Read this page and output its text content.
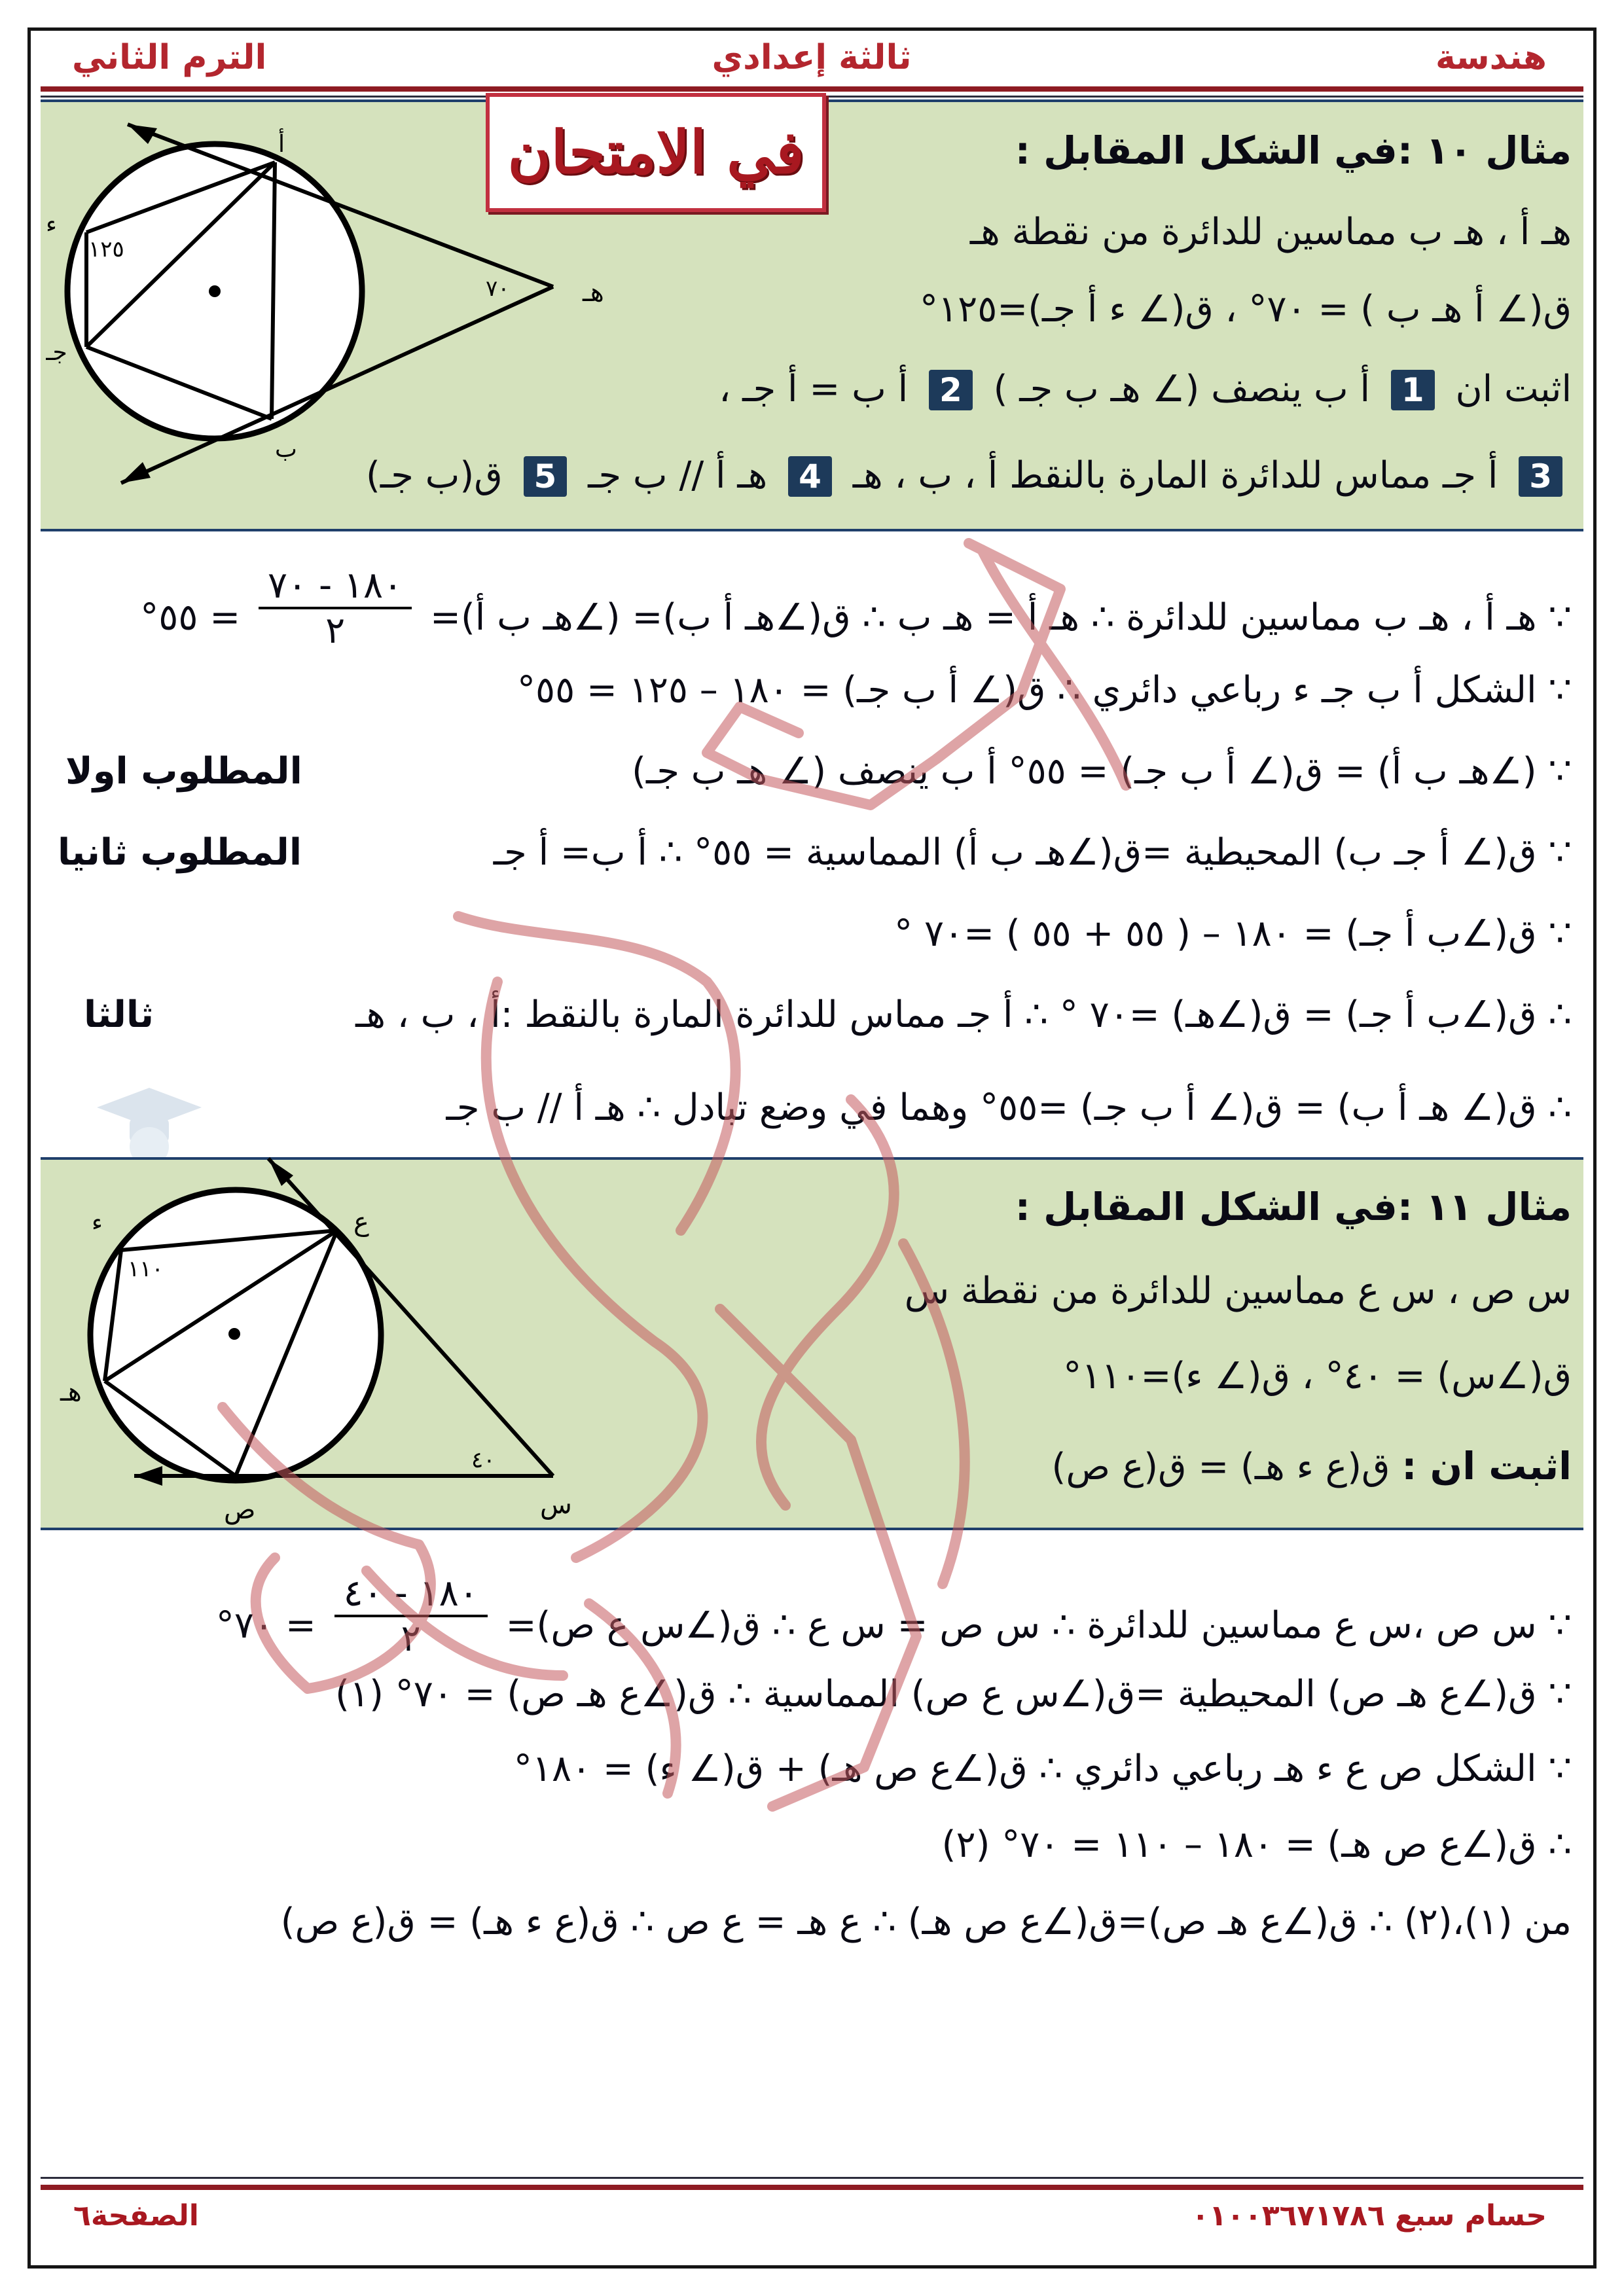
الترم الثاني	ثالثة إعدادي	هندسة
في الامتحان	مثال ١٠ :في الشكل المقابل :
هـ أ ، هـ ب مماسين للدائرة من نقطة هـ
ق(∠ أ هـ ب ) = ٧٠° ، ق(∠ ء أ جـ)=١٢٥°
اثبت ان 1 أ ب ينصف (∠ هـ ب جـ ) 2 أ ب = أ جـ ،
3 أ جـ مماس للدائرة المارة بالنقط أ ، ب ، هـ 4 هـ أ // ب جـ 5 ق(ب جـ)
أ
ب
جـ
ء
هـ
٧٠
١٢٥
∵ هـ أ ، هـ ب مماسين للدائرة ∴ هـ أ = هـ ب ∴ ق(∠هـ أ ب)= (∠هـ ب أ)=
١٨٠ - ٧٠
٢
= ٥٥°
∵ الشكل أ ب جـ ء رباعي دائري ∴ ق(∠ أ ب جـ) = ١٨٠ – ١٢٥ = ٥٥°
∵ (∠هـ ب أ) = ق(∠ أ ب جـ) = ٥٥° أ ب ينصف (∠ هـ ب جـ)
المطلوب اولا
∵ ق(∠ أ جـ ب) المحيطية =ق(∠هـ ب أ) المماسية = ٥٥° ∴ أ ب= أ جـ
المطلوب ثانيا
∵ ق(∠ب أ جـ) = ١٨٠ – ( ٥٥ + ٥٥ ) =٧٠ °
∴ ق(∠ب أ جـ) = ق(∠هـ) =٧٠ ° ∴ أ جـ مماس للدائرة المارة بالنقط :أ ، ب ، هـ
ثالثا
∴ ق(∠ هـ أ ب) = ق(∠ أ ب جـ) =٥٥° وهما في وضع تبادل ∴ هـ أ // ب جـ
مثال ١١ :في الشكل المقابل :
س ص ، س ع مماسين للدائرة من نقطة س
ق(∠س) = ٤٠° ، ق(∠ ء)=١١٠°
اثبت ان : ق(ع ء هـ) = ق(ع ص)
ع
س
ص
هـ
ء
٤٠
١١٠
∵ س ص ،س ع مماسين للدائرة ∴ س ص = س ع ∴ ق(∠س ع ص)=
١٨٠ - ٤٠
٢
= ٧٠°
∵ ق(∠ع هـ ص) المحيطية =ق(∠س ع ص) المماسية ∴ ق(∠ع هـ ص) = ٧٠° (١)
∵ الشكل ص ع ء هـ رباعي دائري ∴ ق(∠ع ص هـ) + ق(∠ ء) = ١٨٠°
∴ ق(∠ع ص هـ) = ١٨٠ – ١١٠ = ٧٠° (٢)
من (١)،(٢) ∴ ق(∠ع هـ ص)=ق(∠ع ص هـ) ∴ ع هـ = ع ص ∴ ق(ع ء هـ) = ق(ع ص)
الصفحة٦	حسام سبع ٠١٠٠٣٦٧١٧٨٦
